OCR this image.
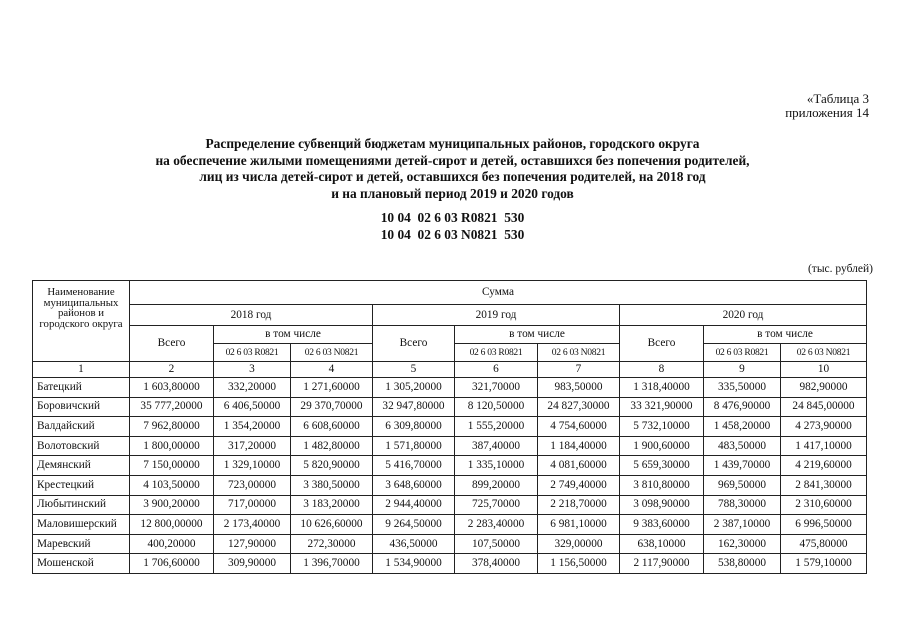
«Таблица 3
приложения 14
Распределение субвенций бюджетам муниципальных районов, городского округа
на обеспечение жилыми помещениями детей-сирот и детей, оставшихся без попечения родителей,
лиц из числа детей-сирот и детей, оставшихся без попечения родителей, на 2018 год
и на плановый период 2019 и 2020 годов
10 04  02 6 03 R0821  530
10 04  02 6 03 N0821  530
(тыс. рублей)
Наименование муниципальных районов и городского округа	Сумма								
	2018 год			2019 год			2020 год		
	Всего	в том числе		Всего	в том числе		Всего	в том числе	
		02 6 03 R0821	02 6 03 N0821		02 6 03 R0821	02 6 03 N0821		02 6 03 R0821	02 6 03 N0821
1	2	3	4	5	6	7	8	9	10
Батецкий	1 603,80000	332,20000	1 271,60000	1 305,20000	321,70000	983,50000	1 318,40000	335,50000	982,90000
Боровичский	35 777,20000	6 406,50000	29 370,70000	32 947,80000	8 120,50000	24 827,30000	33 321,90000	8 476,90000	24 845,00000
Валдайский	7 962,80000	1 354,20000	6 608,60000	6 309,80000	1 555,20000	4 754,60000	5 732,10000	1 458,20000	4 273,90000
Волотовский	1 800,00000	317,20000	1 482,80000	1 571,80000	387,40000	1 184,40000	1 900,60000	483,50000	1 417,10000
Демянский	7 150,00000	1 329,10000	5 820,90000	5 416,70000	1 335,10000	4 081,60000	5 659,30000	1 439,70000	4 219,60000
Крестецкий	4 103,50000	723,00000	3 380,50000	3 648,60000	899,20000	2 749,40000	3 810,80000	969,50000	2 841,30000
Любытинский	3 900,20000	717,00000	3 183,20000	2 944,40000	725,70000	2 218,70000	3 098,90000	788,30000	2 310,60000
Маловишерский	12 800,00000	2 173,40000	10 626,60000	9 264,50000	2 283,40000	6 981,10000	9 383,60000	2 387,10000	6 996,50000
Маревский	400,20000	127,90000	272,30000	436,50000	107,50000	329,00000	638,10000	162,30000	475,80000
Мошенской	1 706,60000	309,90000	1 396,70000	1 534,90000	378,40000	1 156,50000	2 117,90000	538,80000	1 579,10000
